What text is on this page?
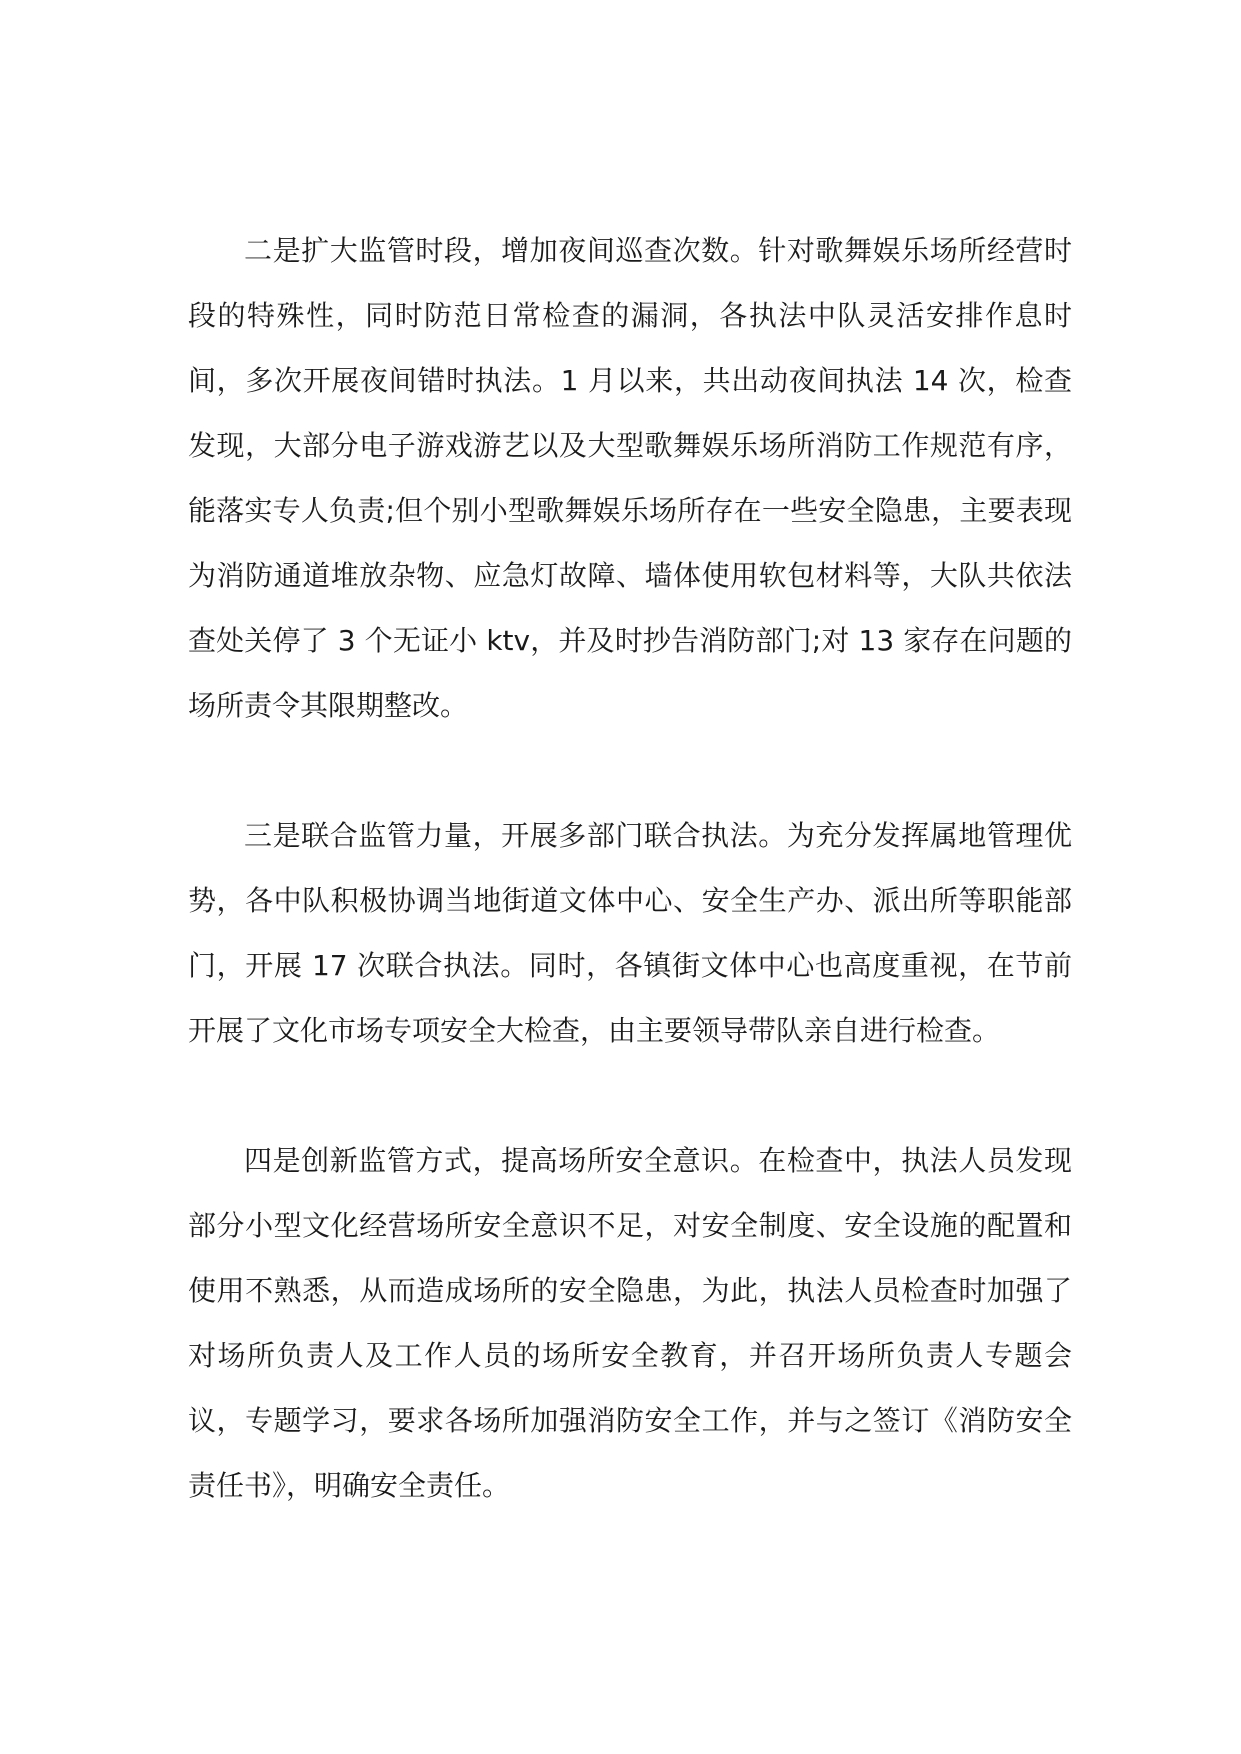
二是扩大监管时段，增加夜间巡查次数。针对歌舞娱乐场所经营时段的特殊性，同时防范日常检查的漏洞，各执法中队灵活安排作息时间，多次开展夜间错时执法。1 月以来，共出动夜间执法 14 次，检查发现，大部分电子游戏游艺以及大型歌舞娱乐场所消防工作规范有序，能落实专人负责;但个别小型歌舞娱乐场所存在一些安全隐患，主要表现为消防通道堆放杂物、应急灯故障、墙体使用软包材料等，大队共依法查处关停了 3 个无证小 ktv，并及时抄告消防部门;对 13 家存在问题的场所责令其限期整改。

三是联合监管力量，开展多部门联合执法。为充分发挥属地管理优势，各中队积极协调当地街道文体中心、安全生产办、派出所等职能部门，开展 17 次联合执法。同时，各镇街文体中心也高度重视，在节前开展了文化市场专项安全大检查，由主要领导带队亲自进行检查。

四是创新监管方式，提高场所安全意识。在检查中，执法人员发现部分小型文化经营场所安全意识不足，对安全制度、安全设施的配置和使用不熟悉，从而造成场所的安全隐患，为此，执法人员检查时加强了对场所负责人及工作人员的场所安全教育，并召开场所负责人专题会议，专题学习，要求各场所加强消防安全工作，并与之签订《消防安全责任书》，明确安全责任。
